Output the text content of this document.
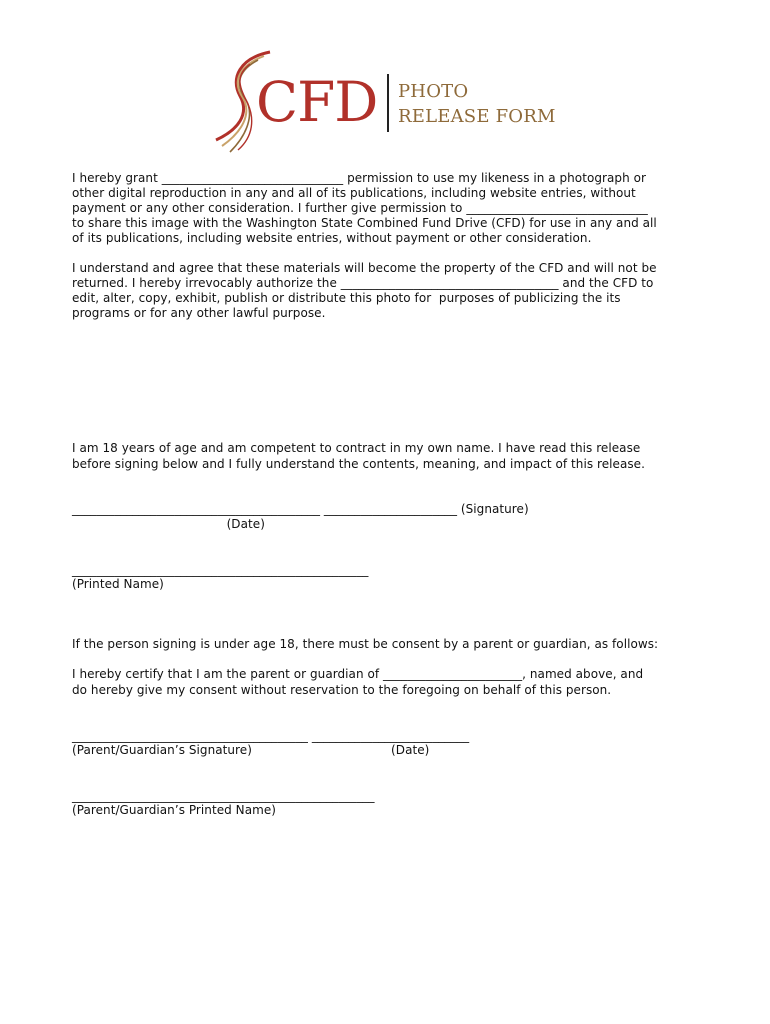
CFD PHOTO
RELEASE FORM
I hereby grant ______________________________ permission to use my likeness in a photograph or
other digital reproduction in any and all of its publications, including website entries, without
payment or any other consideration. I further give permission to ______________________________
to share this image with the Washington State Combined Fund Drive (CFD) for use in any and all
of its publications, including website entries, without payment or other consideration.
I understand and agree that these materials will become the property of the CFD and will not be
returned. I hereby irrevocably authorize the ____________________________________ and the CFD to
edit, alter, copy, exhibit, publish or distribute this photo for  purposes of publicizing the its
programs or for any other lawful purpose.
I am 18 years of age and am competent to contract in my own name. I have read this release
before signing below and I fully understand the contents, meaning, and impact of this release.
_________________________________________ ______________________ (Signature)
(Date)
_________________________________________________
(Printed Name)
If the person signing is under age 18, there must be consent by a parent or guardian, as follows:
I hereby certify that I am the parent or guardian of _______________________, named above, and
do hereby give my consent without reservation to the foregoing on behalf of this person.
_______________________________________ __________________________
(Parent/Guardian’s Signature)                                    (Date)
__________________________________________________
(Parent/Guardian’s Printed Name)
